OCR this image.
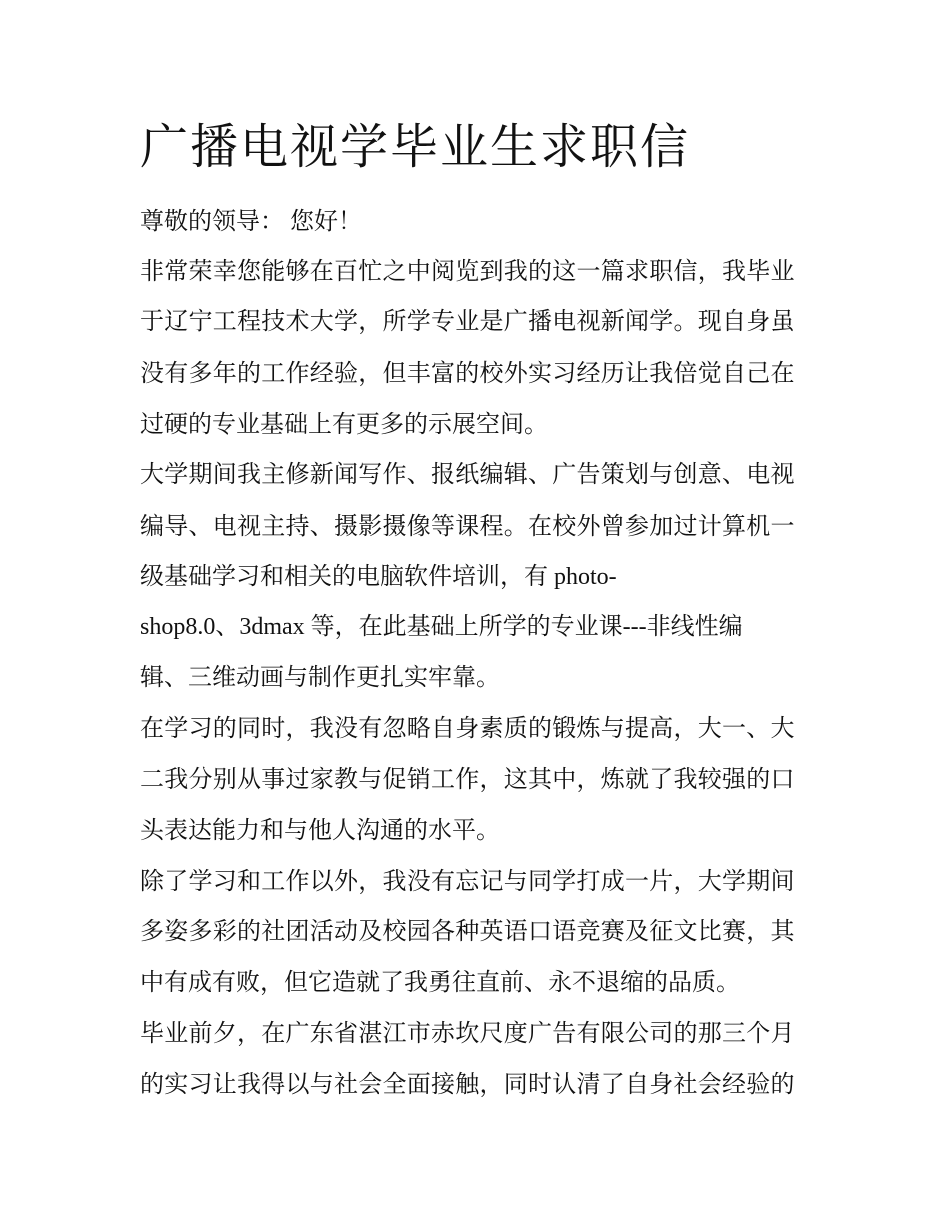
广播电视学毕业生求职信

尊敬的领导： 您好！

非常荣幸您能够在百忙之中阅览到我的这一篇求职信，我毕业

于辽宁工程技术大学，所学专业是广播电视新闻学。现自身虽

没有多年的工作经验，但丰富的校外实习经历让我倍觉自己在

过硬的专业基础上有更多的示展空间。

大学期间我主修新闻写作、报纸编辑、广告策划与创意、电视

编导、电视主持、摄影摄像等课程。在校外曾参加过计算机一

级基础学习和相关的电脑软件培训，有 photo-

shop8.0、3dmax 等，在此基础上所学的专业课---非线性编

辑、三维动画与制作更扎实牢靠。

在学习的同时，我没有忽略自身素质的锻炼与提高，大一、大

二我分别从事过家教与促销工作，这其中，炼就了我较强的口

头表达能力和与他人沟通的水平。

除了学习和工作以外，我没有忘记与同学打成一片，大学期间

多姿多彩的社团活动及校园各种英语口语竞赛及征文比赛，其

中有成有败，但它造就了我勇往直前、永不退缩的品质。

毕业前夕，在广东省湛江市赤坎尺度广告有限公司的那三个月

的实习让我得以与社会全面接触，同时认清了自身社会经验的
